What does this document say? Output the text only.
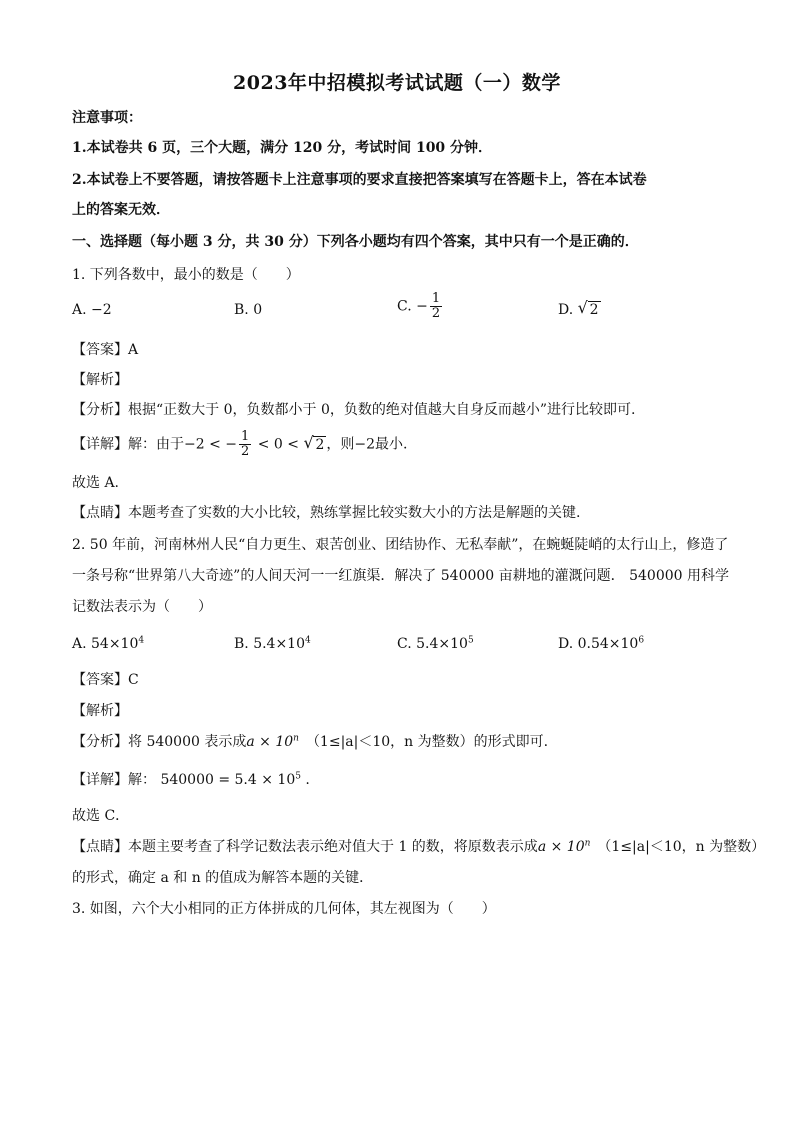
2023年中招模拟考试试题（一）数学
注意事项：
1.本试卷共 6 页，三个大题，满分 120 分，考试时间 100 分钟．
2.本试卷上不要答题，请按答题卡上注意事项的要求直接把答案填写在答题卡上，答在本试卷
上的答案无效．
一、选择题（每小题 3 分，共 30 分）下列各小题均有四个答案，其中只有一个是正确的．
1. 下列各数中，最小的数是（　　）
A. −2	B. 0	C. − $\frac{1}{2}$	D. √ 2
【答案】A
【解析】
【分析】根据“正数大于 0，负数都小于 0，负数的绝对值越大自身反而越小”进行比较即可.
【详解】解：由于−2 < − $\frac{1}{2} < 0$ < √ 2 ，则−2最小.
故选 A.
【点睛】本题考查了实数的大小比较，熟练掌握比较实数大小的方法是解题的关键.
2. 50 年前，河南林州人民“自力更生、艰苦创业、团结协作、无私奉献”，在蜿蜒陡峭的太行山上，修造了
一条号称“世界第八大奇迹”的人间天河一一红旗渠．解决了 540000 亩耕地的灌溉问题． 540000 用科学
记数法表示为（　　）
A. $54\times 10^4$	B. $5.4\times 10^4$	C. $5.4\times 10^5$	D. $0.54\times 10^6$
【答案】C
【解析】
【分析】将 540000 表示成$a \times 10^n$　 （1≤|a|＜10，n 为整数）的形式即可.
【详解】解： $540000 = 5.4 \times 10^5$ .
故选 C．
【点睛】本题主要考查了科学记数法表示绝对值大于 1 的数，将原数表示成$a \times 10^n$　 （1≤|a|＜10，n 为整数）
的形式，确定 a 和 n 的值成为解答本题的关键．
3. 如图，六个大小相同的正方体拼成的几何体，其左视图为（　　）
